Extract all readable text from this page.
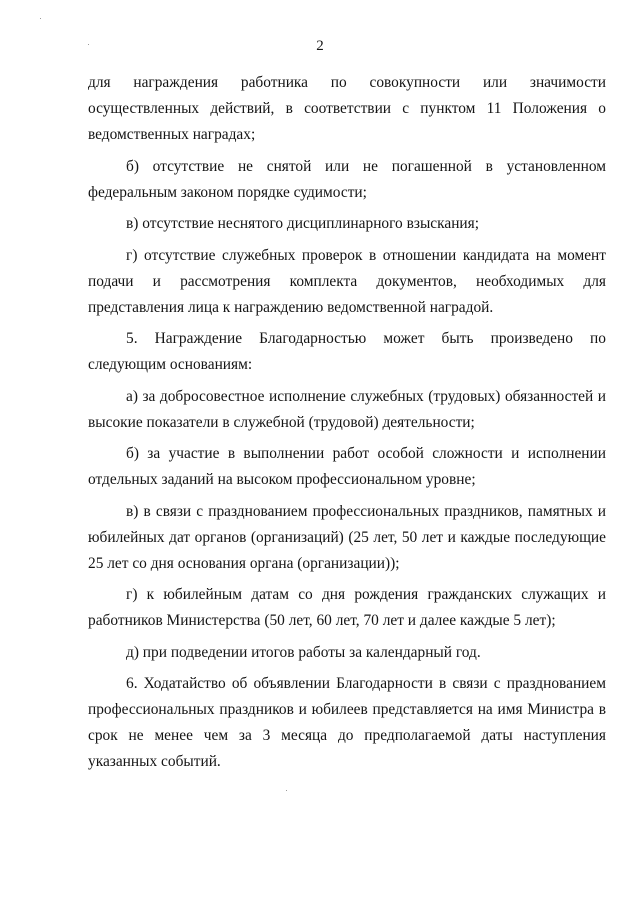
2

для награждения работника по совокупности или значимости осуществленных действий, в соответствии с пунктом 11 Положения о ведомственных наградах;

б) отсутствие не снятой или не погашенной в установленном федеральным законом порядке судимости;

в) отсутствие неснятого дисциплинарного взыскания;

г) отсутствие служебных проверок в отношении кандидата на момент подачи и рассмотрения комплекта документов, необходимых для представления лица к награждению ведомственной наградой.

5. Награждение Благодарностью может быть произведено по следующим основаниям:

а) за добросовестное исполнение служебных (трудовых) обязанностей и высокие показатели в служебной (трудовой) деятельности;

б) за участие в выполнении работ особой сложности и исполнении отдельных заданий на высоком профессиональном уровне;

в) в связи с празднованием профессиональных праздников, памятных и юбилейных дат органов (организаций) (25 лет, 50 лет и каждые последующие 25 лет со дня основания органа (организации));

г) к юбилейным датам со дня рождения гражданских служащих и работников Министерства (50 лет, 60 лет, 70 лет и далее каждые 5 лет);

д) при подведении итогов работы за календарный год.

6. Ходатайство об объявлении Благодарности в связи с празднованием профессиональных праздников и юбилеев представляется на имя Министра в срок не менее чем за 3 месяца до предполагаемой даты наступления указанных событий.
